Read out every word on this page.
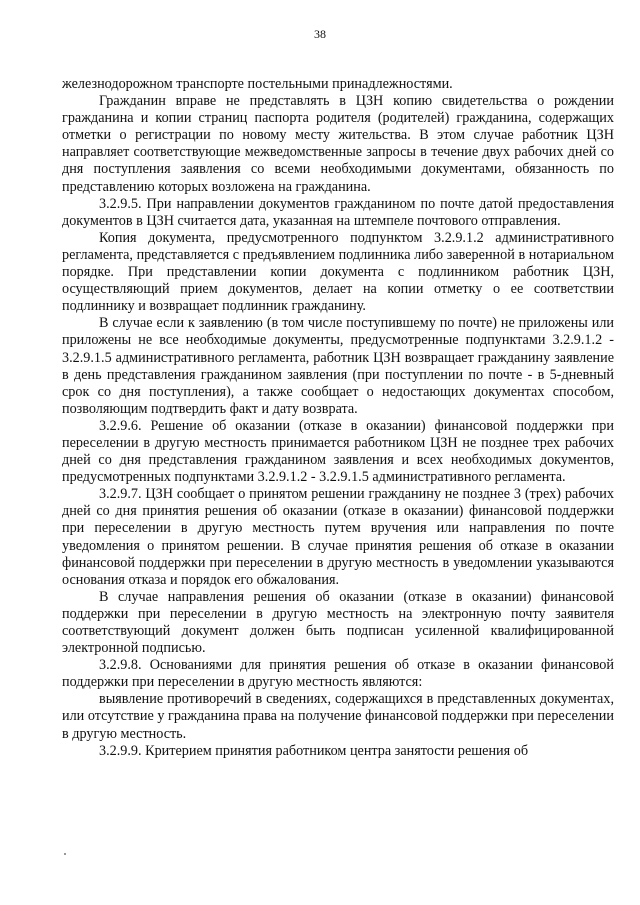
38

железнодорожном транспорте постельными принадлежностями.

Гражданин вправе не представлять в ЦЗН копию свидетельства о рождении гражданина и копии страниц паспорта родителя (родителей) гражданина, содержащих отметки о регистрации по новому месту жительства. В этом случае работник ЦЗН направляет соответствующие межведомственные запросы в течение двух рабочих дней со дня поступления заявления со всеми необходимыми документами, обязанность по представлению которых возложена на гражданина.

3.2.9.5. При направлении документов гражданином по почте датой предоставления документов в ЦЗН считается дата, указанная на штемпеле почтового отправления.

Копия документа, предусмотренного подпунктом 3.2.9.1.2 административного регламента, представляется с предъявлением подлинника либо заверенной в нотариальном порядке. При представлении копии документа с подлинником работник ЦЗН, осуществляющий прием документов, делает на копии отметку о ее соответствии подлиннику и возвращает подлинник гражданину.

В случае если к заявлению (в том числе поступившему по почте) не приложены или приложены не все необходимые документы, предусмотренные подпунктами 3.2.9.1.2 - 3.2.9.1.5 административного регламента, работник ЦЗН возвращает гражданину заявление в день представления гражданином заявления (при поступлении по почте - в 5-дневный срок со дня поступления), а также сообщает о недостающих документах способом, позволяющим подтвердить факт и дату возврата.

3.2.9.6. Решение об оказании (отказе в оказании) финансовой поддержки при переселении в другую местность принимается работником ЦЗН не позднее трех рабочих дней со дня представления гражданином заявления и всех необходимых документов, предусмотренных подпунктами 3.2.9.1.2 - 3.2.9.1.5 административного регламента.

3.2.9.7. ЦЗН сообщает о принятом решении гражданину не позднее 3 (трех) рабочих дней со дня принятия решения об оказании (отказе в оказании) финансовой поддержки при переселении в другую местность путем вручения или направления по почте уведомления о принятом решении. В случае принятия решения об отказе в оказании финансовой поддержки при переселении в другую местность в уведомлении указываются основания отказа и порядок его обжалования.

В случае направления решения об оказании (отказе в оказании) финансовой поддержки при переселении в другую местность на электронную почту заявителя соответствующий документ должен быть подписан усиленной квалифицированной электронной подписью.

3.2.9.8. Основаниями для принятия решения об отказе в оказании финансовой поддержки при переселении в другую местность являются:

выявление противоречий в сведениях, содержащихся в представленных документах, или отсутствие у гражданина права на получение финансовой поддержки при переселении в другую местность.

3.2.9.9. Критерием принятия работником центра занятости решения об
